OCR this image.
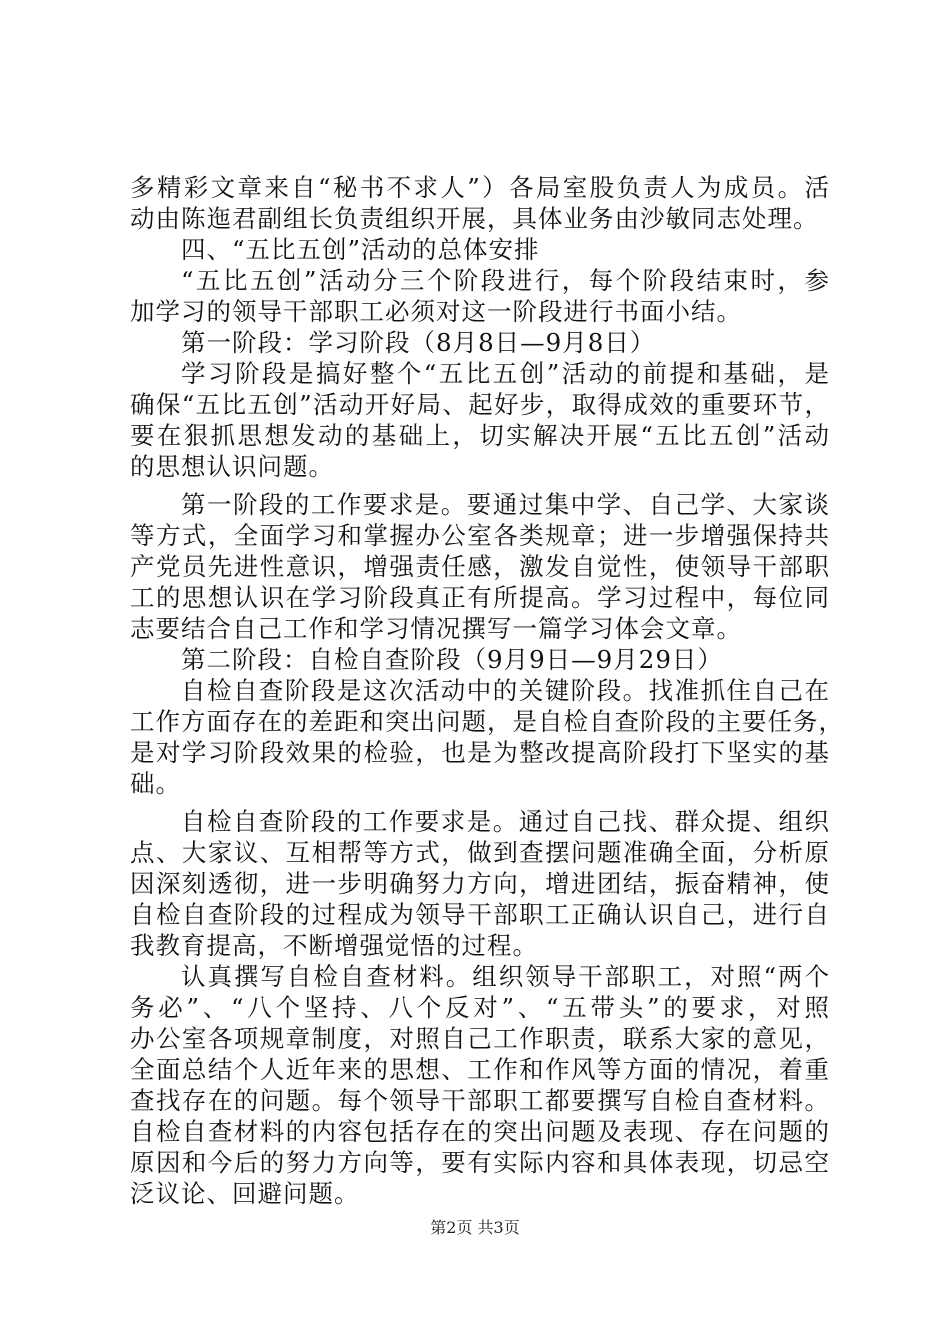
多精彩文章来自“秘书不求人”）各局室股负责人为成员。活
动由陈迤君副组长负责组织开展，具体业务由沙敏同志处理。
四、“五比五创”活动的总体安排
“五比五创”活动分三个阶段进行，每个阶段结束时，参
加学习的领导干部职工必须对这一阶段进行书面小结。
第一阶段：学习阶段（8月8日—9月8日）
学习阶段是搞好整个“五比五创”活动的前提和基础，是
确保“五比五创”活动开好局、起好步，取得成效的重要环节，
要在狠抓思想发动的基础上，切实解决开展“五比五创”活动
的思想认识问题。
第一阶段的工作要求是。要通过集中学、自己学、大家谈
等方式，全面学习和掌握办公室各类规章；进一步增强保持共
产党员先进性意识，增强责任感，激发自觉性，使领导干部职
工的思想认识在学习阶段真正有所提高。学习过程中，每位同
志要结合自己工作和学习情况撰写一篇学习体会文章。
第二阶段：自检自查阶段（9月9日—9月29日）
自检自查阶段是这次活动中的关键阶段。找准抓住自己在
工作方面存在的差距和突出问题，是自检自查阶段的主要任务，
是对学习阶段效果的检验，也是为整改提高阶段打下坚实的基
础。
自检自查阶段的工作要求是。通过自己找、群众提、组织
点、大家议、互相帮等方式，做到查摆问题准确全面，分析原
因深刻透彻，进一步明确努力方向，增进团结，振奋精神，使
自检自查阶段的过程成为领导干部职工正确认识自己，进行自
我教育提高，不断增强觉悟的过程。
认真撰写自检自查材料。组织领导干部职工，对照“两个
务必”、“八个坚持、八个反对”、“五带头”的要求，对照
办公室各项规章制度，对照自己工作职责，联系大家的意见，
全面总结个人近年来的思想、工作和作风等方面的情况，着重
查找存在的问题。每个领导干部职工都要撰写自检自查材料。
自检自查材料的内容包括存在的突出问题及表现、存在问题的
原因和今后的努力方向等，要有实际内容和具体表现，切忌空
泛议论、回避问题。
第2页 共3页
